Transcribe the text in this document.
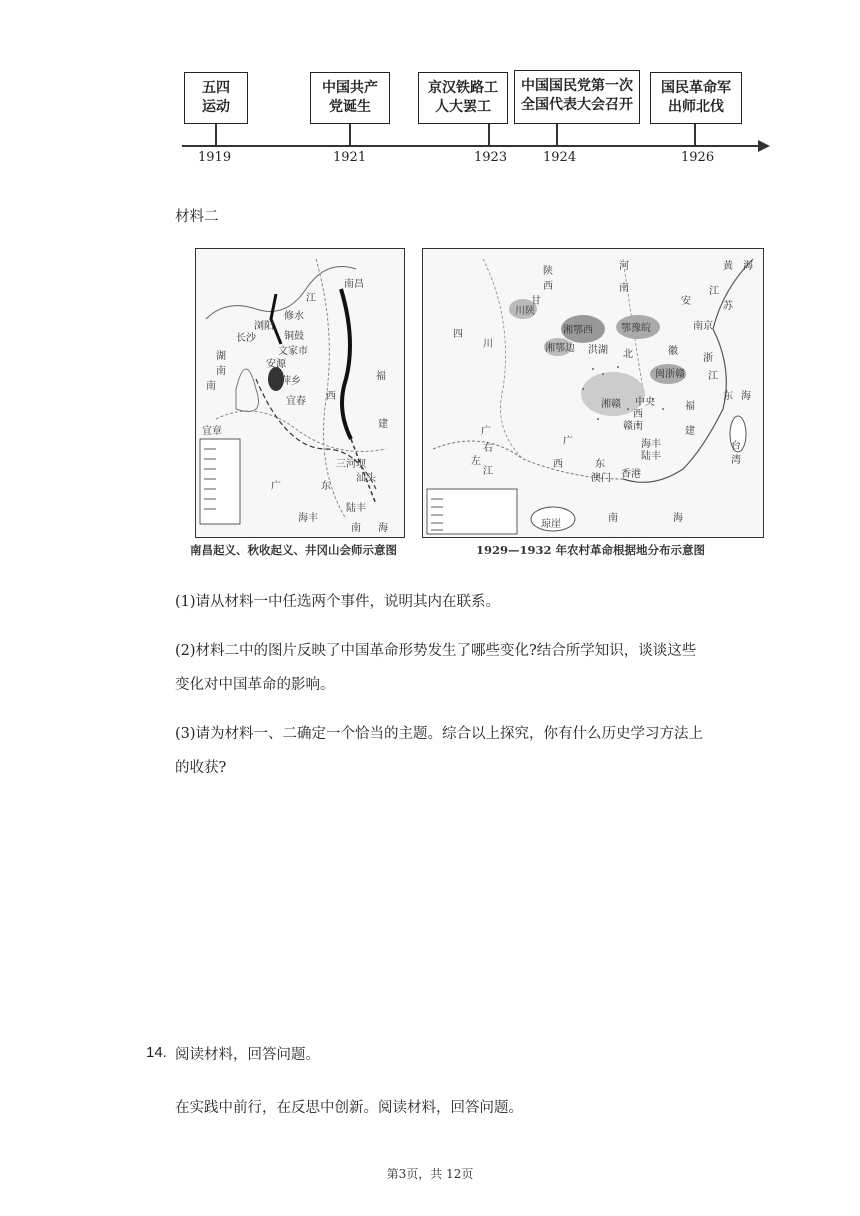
五四
运动
1919
中国共产
党诞生
1921
京汉铁路工
人大罢工
1923
中国国民党第一次
全国代表大会召开
1924
国民革命军
出师北伐
1926
材料二
江
修水
铜鼓
浏阳
文家市
长沙
安源
萍乡
南昌
宜春 西
福
建
广	东
三河坝
汕头
海丰
陆丰
南 海
南
宜章
湖
南
南昌起义、秋收起义、井冈山会师示意图
黄 海
陕
西
甘
河
南
安
江
苏
南京
四
川
川陕
湘鄂西	鄂豫皖
洪湖 北	徽
浙
江
湘鄂边
湘赣 中央
闽浙赣
西
赣南
东 海
福
建
台
湾
广
西
左
右
江
广
东
海丰
陆丰
香港
澳门
南	海
琼崖
1929—1932 年农村革命根据地分布示意图
(1)请从材料一中任选两个事件，说明其内在联系。
(2)材料二中的图片反映了中国革命形势发生了哪些变化?结合所学知识，谈谈这些
变化对中国革命的影响。
(3)请为材料一、二确定一个恰当的主题。综合以上探究，你有什么历史学习方法上
的收获?
14. 阅读材料，回答问题。
在实践中前行，在反思中创新。阅读材料，回答问题。
第3页，共 12页
